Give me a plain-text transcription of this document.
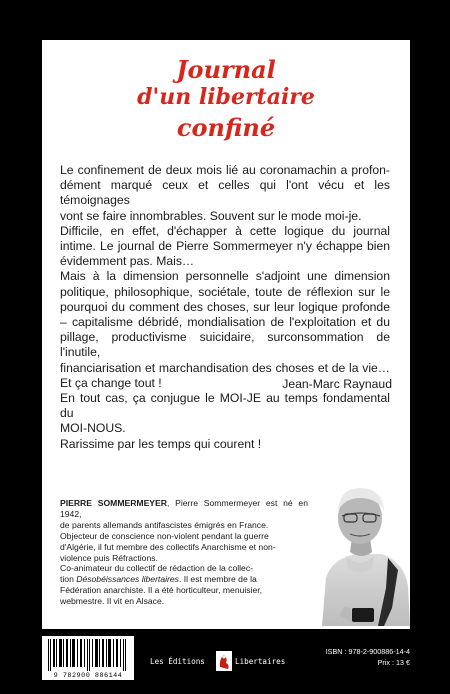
Journal
d'un libertaire
confiné

Le confinement de deux mois lié au coronamachin a profon-

dément marqué ceux et celles qui l'ont vécu et les témoignages

vont se faire innombrables. Souvent sur le mode moi-je.

Difficile, en effet, d'échapper à cette logique du journal

intime. Le journal de Pierre Sommermeyer n'y échappe bien

évidemment pas. Mais…

Mais à la dimension personnelle s'adjoint une dimension

politique, philosophique, sociétale, toute de réflexion sur le

pourquoi du comment des choses, sur leur logique profonde

– capitalisme débridé, mondialisation de l'exploitation et du

pillage, productivisme suicidaire, surconsommation de l'inutile,

financiarisation et marchandisation des choses et de la vie…

Et ça change tout !

En tout cas, ça conjugue le MOI-JE au temps fondamental du

MOI-NOUS.

Rarissime par les temps qui courent !

Jean-Marc Raynaud
PIERRE SOMMERMEYER, Pierre Sommermeyer est né en 1942,
de parents allemands antifascistes émigrés en France.
Objecteur de conscience non-violent pendant la guerre
d'Algérie, il fut membre des collectifs Anarchisme et non-
violence puis Réfractions.
Co-animateur du collectif de rédaction de la collec-
tion Désobéissances libertaires. Il est membre de la
Fédération anarchiste. Il a été horticulteur, menuisier,
webmestre. Il vit en Alsace.
9 782900 886144
Les Éditions	Libertaires
ISBN : 978-2-900886-14-4
Prix : 13 €
